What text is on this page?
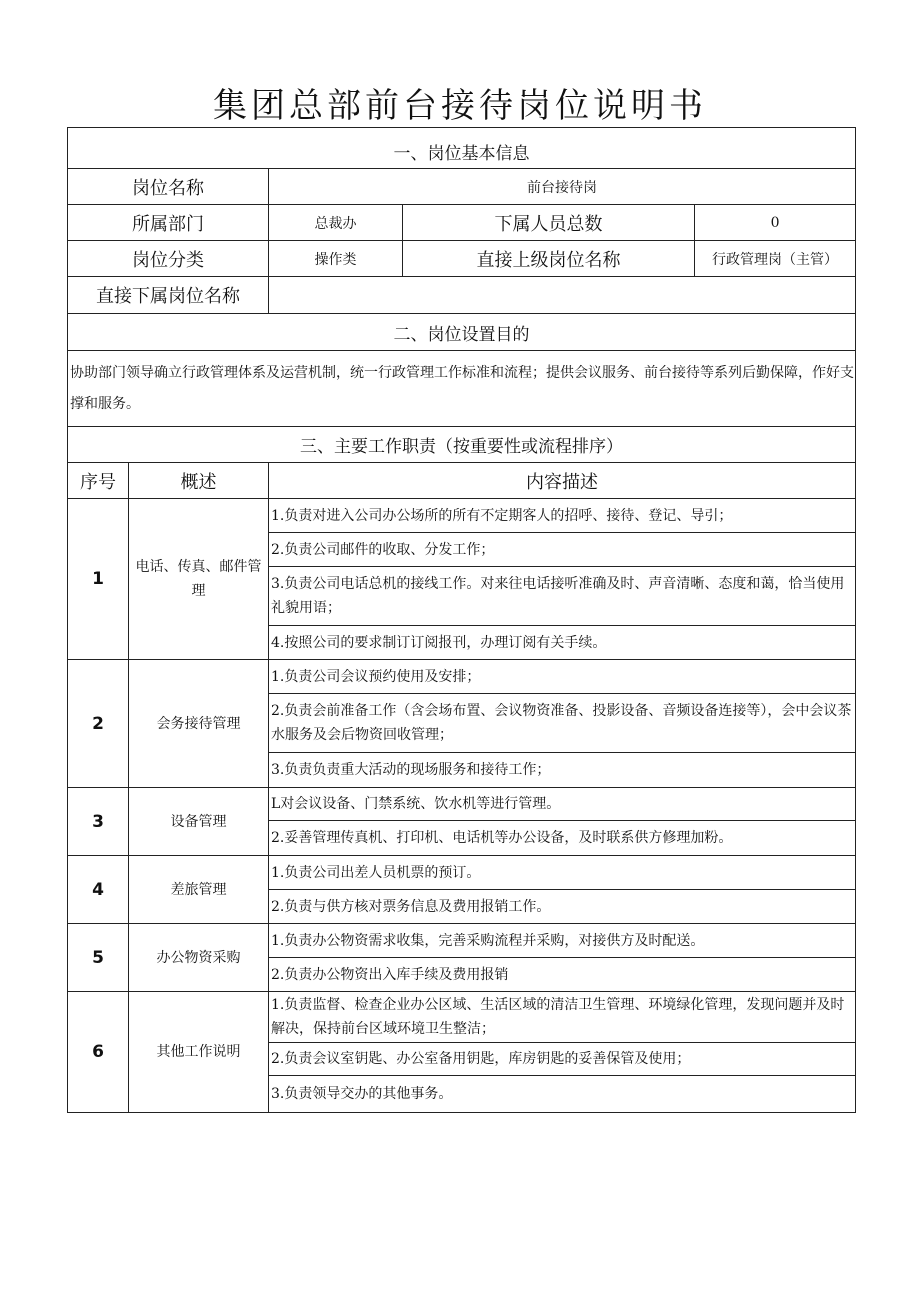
集团总部前台接待岗位说明书
一、岗位基本信息				
岗位名称		前台接待岗		
所属部门		总裁办	下属人员总数	0
岗位分类		操作类	直接上级岗位名称	行政管理岗（主管）
直接下属岗位名称				
二、岗位设置目的				
协助部门领导确立行政管理体系及运营机制，统一行政管理工作标准和流程；提供会议服务、前台接待等系列后勤保障，作好支撑和服务。				
三、主要工作职责（按重要性或流程排序）				
序号	概述	内容描述		
1	电话、传真、邮件管理	1.负责对进入公司办公场所的所有不定期客人的招呼、接待、登记、导引；		
		2.负责公司邮件的收取、分发工作；		
		3.负责公司电话总机的接线工作。对来往电话接听准确及时、声音清晰、态度和蔼，恰当使用礼貌用语；		
		4.按照公司的要求制订订阅报刊，办理订阅有关手续。		
2	会务接待管理	1.负责公司会议预约使用及安排；		
		2.负责会前准备工作（含会场布置、会议物资准备、投影设备、音频设备连接等），会中会议茶水服务及会后物资回收管理；		
		3.负责负责重大活动的现场服务和接待工作；		
3	设备管理	L对会议设备、门禁系统、饮水机等进行管理。		
		2.妥善管理传真机、打印机、电话机等办公设备，及时联系供方修理加粉。		
4	差旅管理	1.负责公司出差人员机票的预订。		
		2.负责与供方核对票务信息及费用报销工作。		
5	办公物资采购	1.负责办公物资需求收集，完善采购流程并采购，对接供方及时配送。		
		2.负责办公物资出入库手续及费用报销		
6	其他工作说明	1.负责监督、检查企业办公区域、生活区域的清洁卫生管理、环境绿化管理，发现问题并及时解决，保持前台区域环境卫生整洁；		
		2.负责会议室钥匙、办公室备用钥匙，库房钥匙的妥善保管及使用；		
		3.负责领导交办的其他事务。		
